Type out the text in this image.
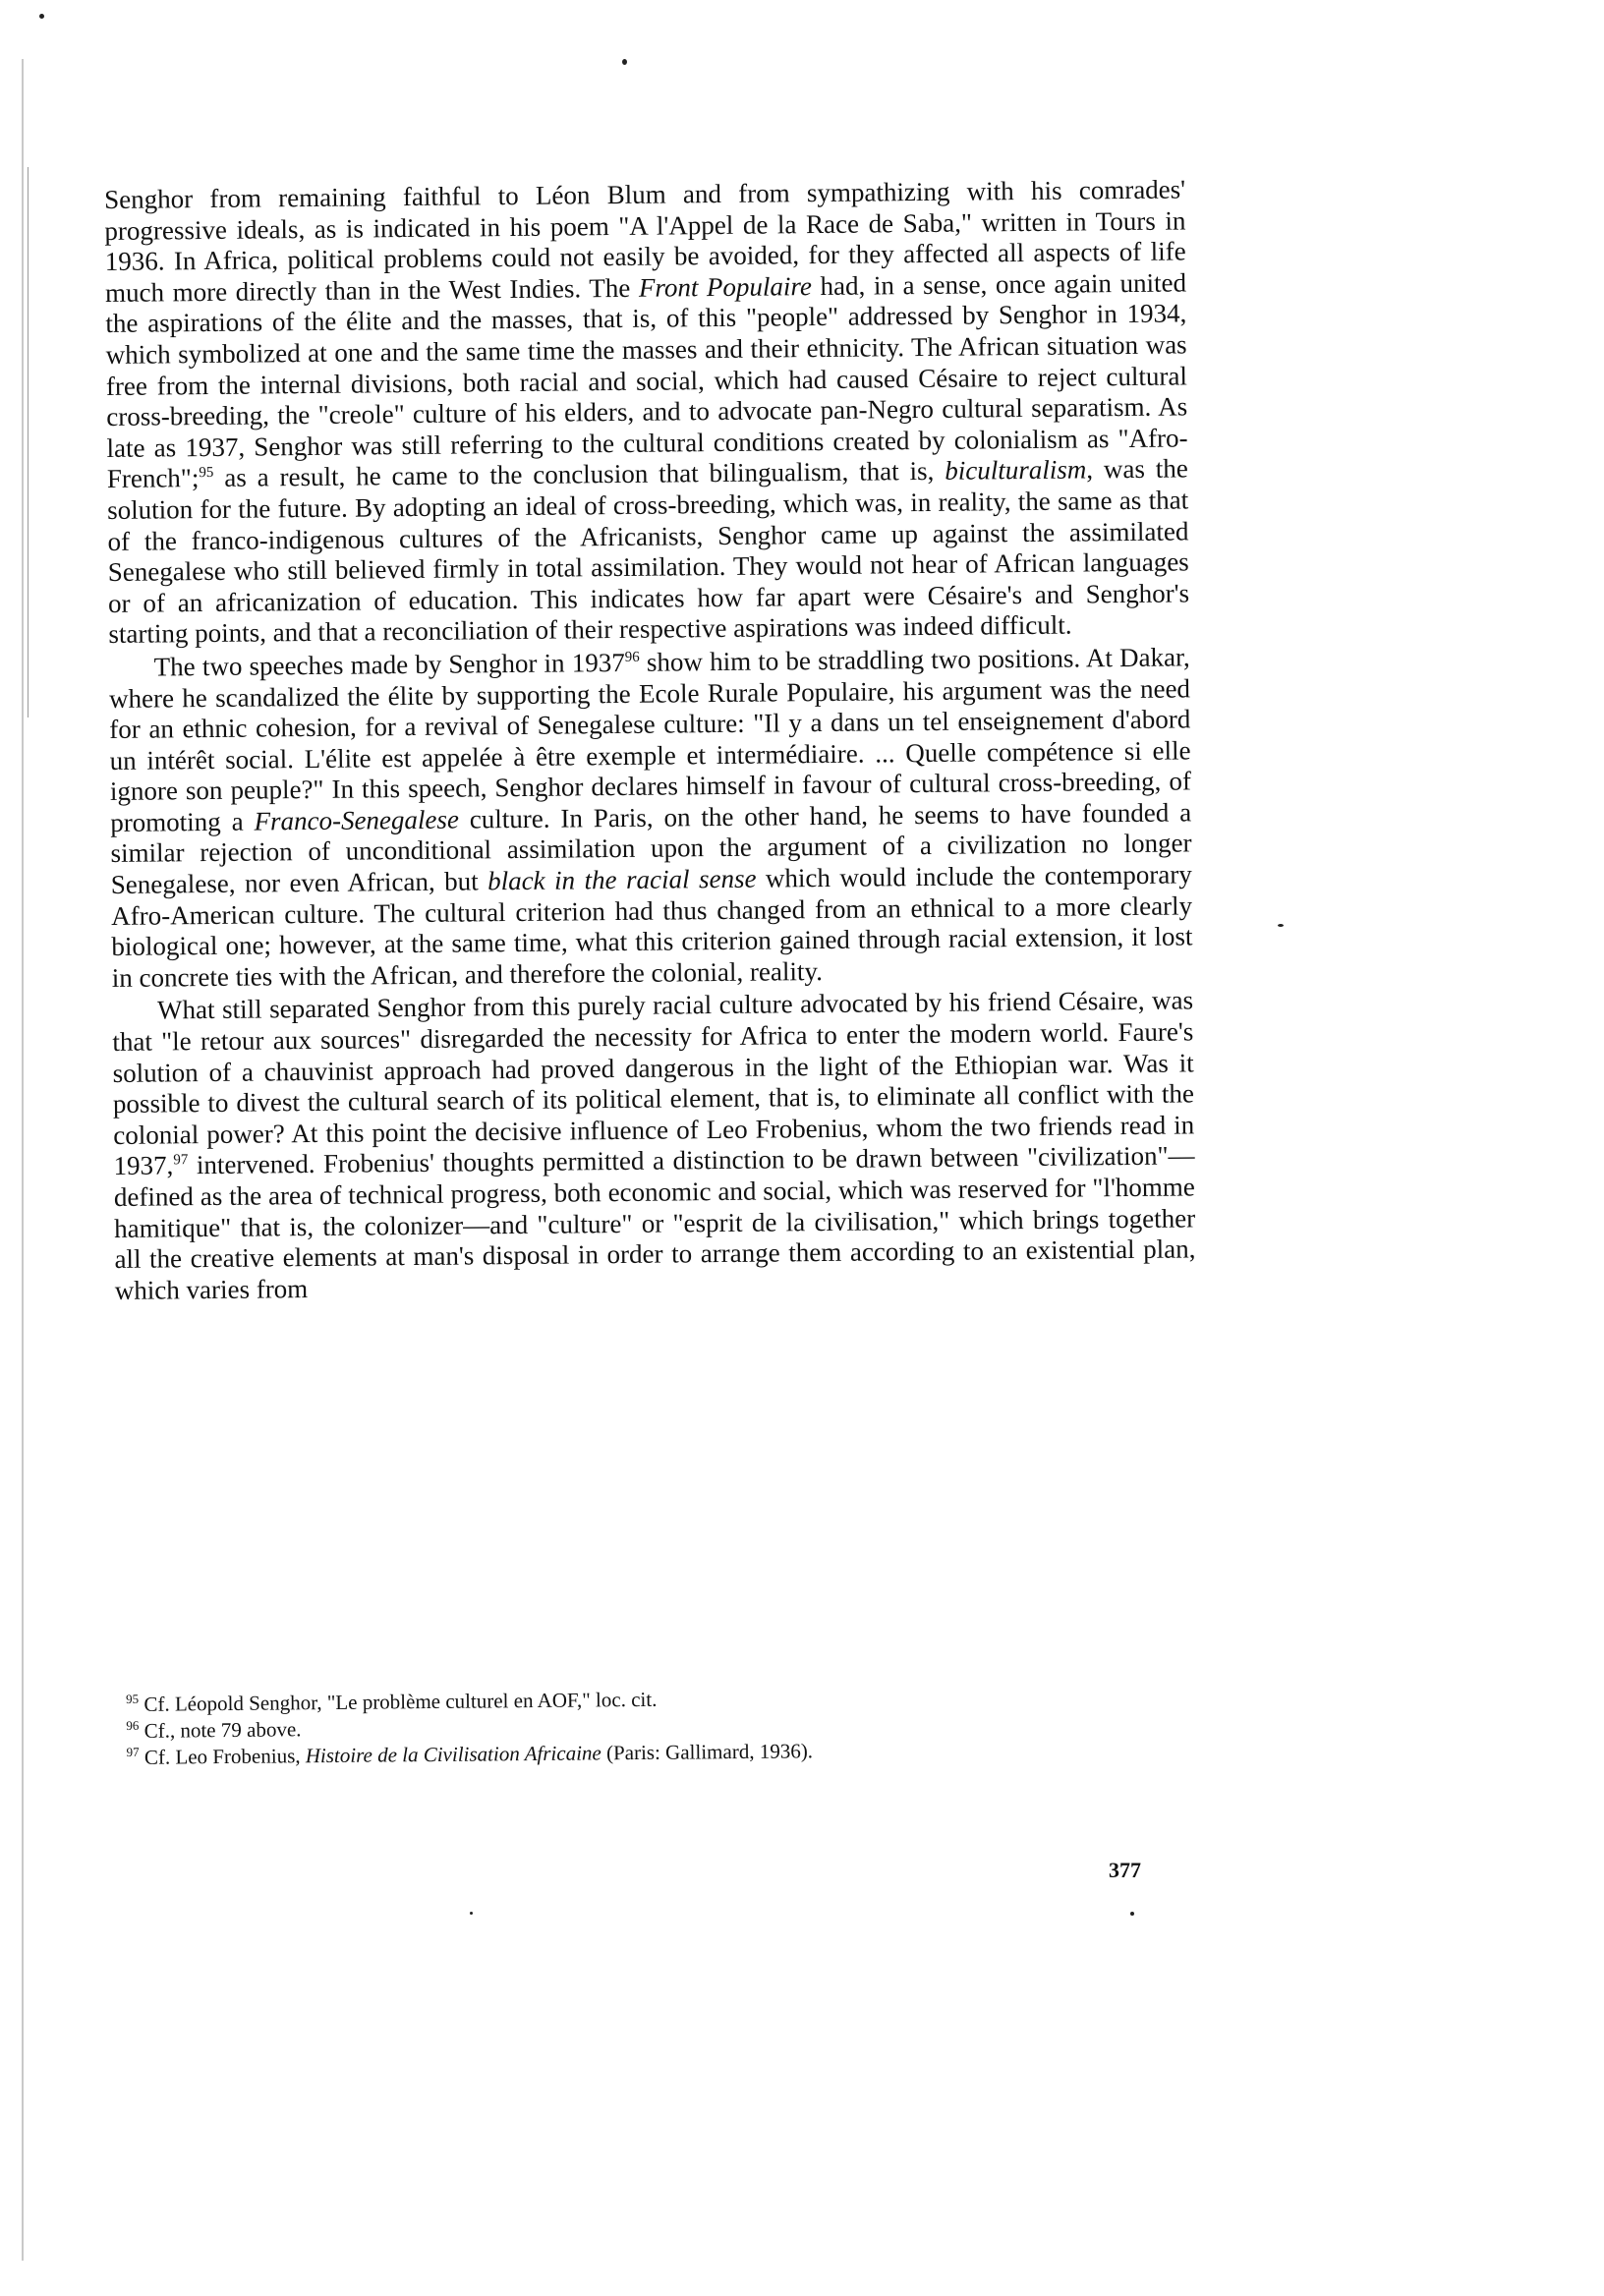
Senghor from remaining faithful to Léon Blum and from sympathizing with his comrades' progressive ideals, as is indicated in his poem "A l'Appel de la Race de Saba," written in Tours in 1936. In Africa, political problems could not easily be avoided, for they affected all aspects of life much more directly than in the West Indies. The Front Populaire had, in a sense, once again united the aspirations of the élite and the masses, that is, of this "people" addressed by Senghor in 1934, which symbolized at one and the same time the masses and their ethnicity. The African situation was free from the internal divisions, both racial and social, which had caused Césaire to reject cultural cross-breeding, the "creole" culture of his elders, and to advocate pan-Negro cultural separatism. As late as 1937, Senghor was still referring to the cultural conditions created by colonialism as "Afro-French";$^{95}$ as a result, he came to the conclusion that bilingualism, that is, biculturalism, was the solution for the future. By adopting an ideal of cross-breeding, which was, in reality, the same as that of the franco-indigenous cultures of the Africanists, Senghor came up against the assimilated Senegalese who still believed firmly in total assimilation. They would not hear of African languages or of an africanization of education. This indicates how far apart were Césaire's and Senghor's starting points, and that a reconciliation of their respective aspirations was indeed difficult.

The two speeches made by Senghor in 1937$^{96}$ show him to be straddling two positions. At Dakar, where he scandalized the élite by supporting the Ecole Rurale Populaire, his argument was the need for an ethnic cohesion, for a revival of Senegalese culture: "Il y a dans un tel enseignement d'abord un intérêt social. L'élite est appelée à être exemple et intermédiaire. ... Quelle compétence si elle ignore son peuple?" In this speech, Senghor declares himself in favour of cultural cross-breeding, of promoting a Franco-Senegalese culture. In Paris, on the other hand, he seems to have founded a similar rejection of unconditional assimilation upon the argument of a civilization no longer Senegalese, nor even African, but black in the racial sense which would include the contemporary Afro-American culture. The cultural criterion had thus changed from an ethnical to a more clearly biological one; however, at the same time, what this criterion gained through racial extension, it lost in concrete ties with the African, and therefore the colonial, reality.

What still separated Senghor from this purely racial culture advocated by his friend Césaire, was that "le retour aux sources" disregarded the necessity for Africa to enter the modern world. Faure's solution of a chauvinist approach had proved dangerous in the light of the Ethiopian war. Was it possible to divest the cultural search of its political element, that is, to eliminate all conflict with the colonial power? At this point the decisive influence of Leo Frobenius, whom the two friends read in 1937,97 intervened. Frobenius' thoughts permitted a distinction to be drawn between "civilization"—defined as the area of technical progress, both economic and social, which was reserved for "l'homme hamitique" that is, the colonizer—and "culture" or "esprit de la civilisation," which brings together all the creative elements at man's disposal in order to arrange them according to an existential plan, which varies from

$^{95}$ Cf. Léopold Senghor, "Le problème culturel en AOF," loc. cit.

$^{96}$ Cf., note 79 above.

$^{97}$ Cf. Leo Frobenius, Histoire de la Civilisation Africaine (Paris: Gallimard, 1936).

377
